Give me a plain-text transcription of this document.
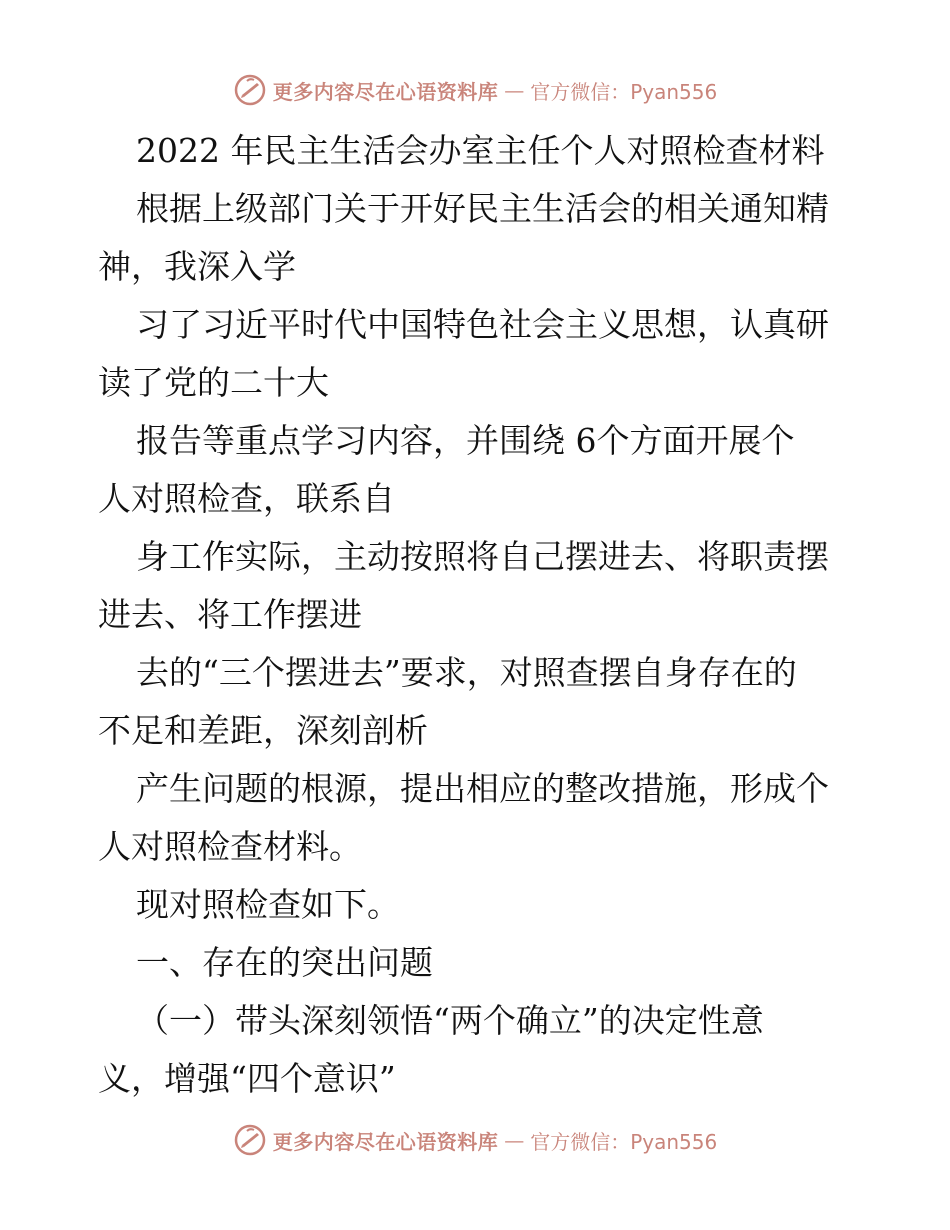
更多内容尽在心语资料库 — 官方微信：Pyan556
2022 年民主生活会办室主任个人对照检查材料
根据上级部门关于开好民主生活会的相关通知精
神，我深入学
习了习近平时代中国特色社会主义思想，认真研
读了党的二十大
报告等重点学习内容，并围绕 6个方面开展个
人对照检查，联系自
身工作实际，主动按照将自己摆进去、将职责摆
进去、将工作摆进
去的“三个摆进去”要求，对照查摆自身存在的
不足和差距，深刻剖析
产生问题的根源，提出相应的整改措施，形成个
人对照检查材料。
现对照检查如下。
一、存在的突出问题
（一）带头深刻领悟“两个确立”的决定性意
义，增强“四个意识”
更多内容尽在心语资料库 — 官方微信：Pyan556
